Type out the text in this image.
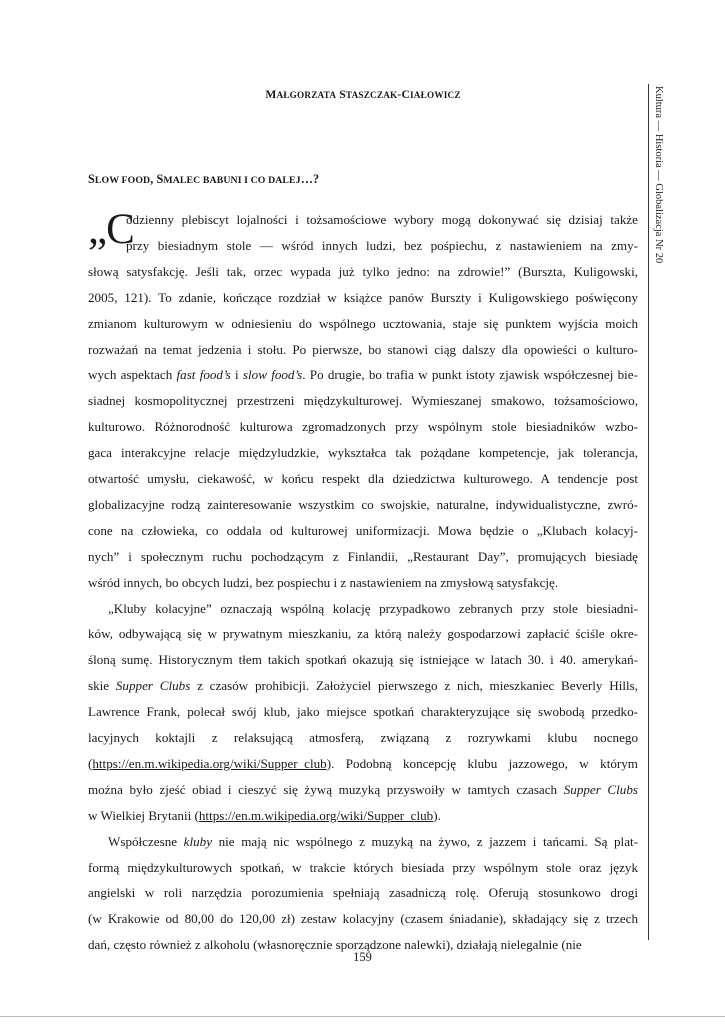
MAŁGORZATA STASZCZAK-CIAŁOWICZ	Kultura — Historia — Globalizacja Nr 20
SLOW FOOD, SMALEC BABUNI I CO DALEJ…?
„C
odzienny plebiscyt lojalności i tożsamościowe wybory mogą dokonywać się dzisiaj także
przy biesiadnym stole — wśród innych ludzi, bez pośpiechu, z nastawieniem na zmy-
słową satysfakcję. Jeśli tak, orzec wypada już tylko jedno: na zdrowie!” (Burszta, Kuligowski,
2005, 121). To zdanie, kończące rozdział w książce panów Burszty i Kuligowskiego poświęcony
zmianom kulturowym w odniesieniu do wspólnego ucztowania, staje się punktem wyjścia moich
rozważań na temat jedzenia i stołu. Po pierwsze, bo stanowi ciąg dalszy dla opowieści o kulturo-
wych aspektach fast food’s i slow food’s. Po drugie, bo trafia w punkt istoty zjawisk współczesnej bie-
siadnej kosmopolitycznej przestrzeni międzykulturowej. Wymieszanej smakowo, tożsamościowo,
kulturowo. Różnorodność kulturowa zgromadzonych przy wspólnym stole biesiadników wzbo-
gaca interakcyjne relacje międzyludzkie, wykształca tak pożądane kompetencje, jak tolerancja,
otwartość umysłu, ciekawość, w końcu respekt dla dziedzictwa kulturowego. A tendencje post
globalizacyjne rodzą zainteresowanie wszystkim co swojskie, naturalne, indywidualistyczne, zwró-
cone na człowieka, co oddala od kulturowej uniformizacji. Mowa będzie o „Klubach kolacyj-
nych” i społecznym ruchu pochodzącym z Finlandii, „Restaurant Day”, promujących biesiadę
wśród innych, bo obcych ludzi, bez pospiechu i z nastawieniem na zmysłową satysfakcję.
„Kluby kolacyjne” oznaczają wspólną kolację przypadkowo zebranych przy stole biesiadni-
ków, odbywającą się w prywatnym mieszkaniu, za którą należy gospodarzowi zapłacić ściśle okre-
śloną sumę. Historycznym tłem takich spotkań okazują się istniejące w latach 30. i 40. amerykań-
skie Supper Clubs z czasów prohibicji. Założyciel pierwszego z nich, mieszkaniec Beverly Hills,
Lawrence Frank, polecał swój klub, jako miejsce spotkań charakteryzujące się swobodą przedko-
lacyjnych koktajli z relaksującą atmosferą, związaną z rozrywkami klubu nocnego
(https://en.m.wikipedia.org/wiki/Supper_club). Podobną koncepcję klubu jazzowego, w którym
można było zjeść obiad i cieszyć się żywą muzyką przyswoiły w tamtych czasach Supper Clubs
w Wielkiej Brytanii (https://en.m.wikipedia.org/wiki/Supper_club).
Współczesne kluby nie mają nic wspólnego z muzyką na żywo, z jazzem i tańcami. Są plat-
formą międzykulturowych spotkań, w trakcie których biesiada przy wspólnym stole oraz język
angielski w roli narzędzia porozumienia spełniają zasadniczą rolę. Oferują stosunkowo drogi
(w Krakowie od 80,00 do 120,00 zł) zestaw kolacyjny (czasem śniadanie), składający się z trzech
dań, często również z alkoholu (własnoręcznie sporządzone nalewki), działają nielegalnie (nie
159
